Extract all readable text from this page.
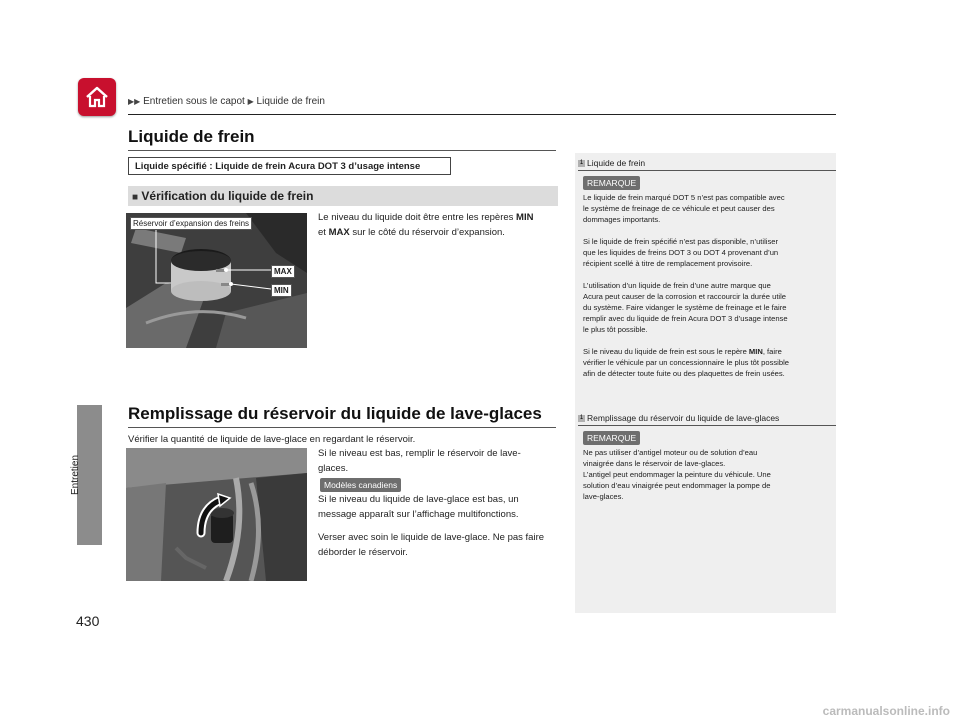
▶▶ Entretien sous le capot ▶ Liquide de frein
Entretien
430
Liquide de frein
Liquide spécifié : Liquide de frein Acura DOT 3 d’usage intense
■ Vérification du liquide de frein
Réservoir d’expansion des freins
MAX
MIN
Le niveau du liquide doit être entre les repères MIN
et MAX sur le côté du réservoir d’expansion.
Remplissage du réservoir du liquide de lave-glaces
Vérifier la quantité de liquide de lave-glace en regardant le réservoir.
Si le niveau est bas, remplir le réservoir de lave-
glaces.
Modèles canadiens
Si le niveau du liquide de lave-glace est bas, un
message apparaît sur l’affichage multifonctions.
Verser avec soin le liquide de lave-glace. Ne pas faire
déborder le réservoir.
1 Liquide de frein
REMARQUE
Le liquide de frein marqué DOT 5 n’est pas compatible avec
le système de freinage de ce véhicule et peut causer des
dommages importants.
Si le liquide de frein spécifié n’est pas disponible, n’utiliser
que les liquides de freins DOT 3 ou DOT 4 provenant d’un
récipient scellé à titre de remplacement provisoire.
L’utilisation d’un liquide de frein d’une autre marque que
Acura peut causer de la corrosion et raccourcir la durée utile
du système. Faire vidanger le système de freinage et le faire
remplir avec du liquide de frein Acura DOT 3 d’usage intense
le plus tôt possible.
Si le niveau du liquide de frein est sous le repère MIN, faire
vérifier le véhicule par un concessionnaire le plus tôt possible
afin de détecter toute fuite ou des plaquettes de frein usées.
1 Remplissage du réservoir du liquide de lave-glaces
REMARQUE
Ne pas utiliser d’antigel moteur ou de solution d’eau
vinaigrée dans le réservoir de lave-glaces.
L’antigel peut endommager la peinture du véhicule. Une
solution d’eau vinaigrée peut endommager la pompe de
lave-glaces.
carmanualsonline.info
